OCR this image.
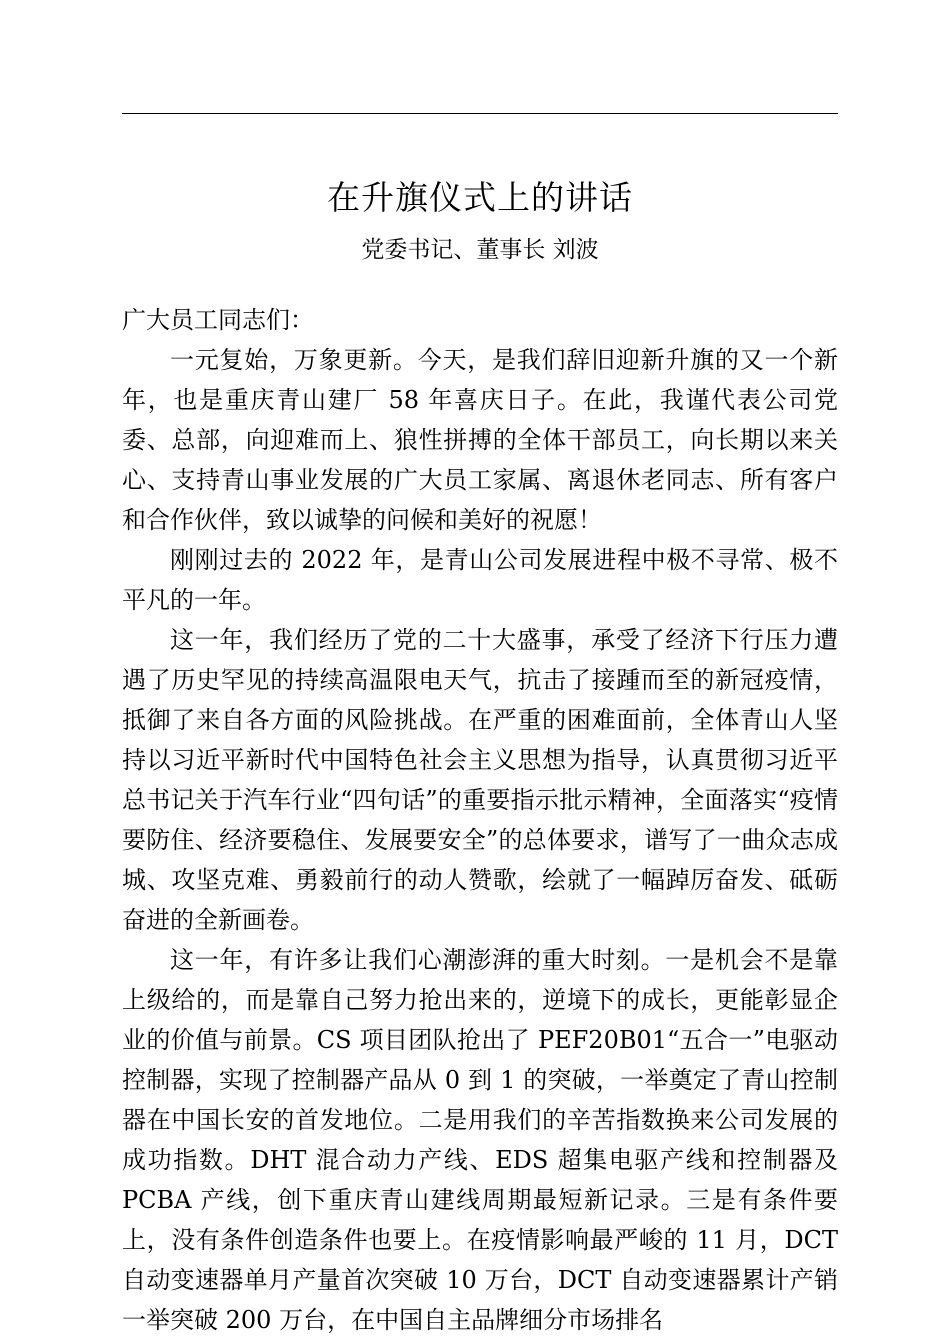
在升旗仪式上的讲话
党委书记、董事长 刘波

广大员工同志们：

一元复始，万象更新。今天，是我们辞旧迎新升旗的又一个新年，也是重庆青山建厂 58 年喜庆日子。在此，我谨代表公司党委、总部，向迎难而上、狼性拼搏的全体干部员工，向长期以来关心、支持青山事业发展的广大员工家属、离退休老同志、所有客户和合作伙伴，致以诚挚的问候和美好的祝愿！

刚刚过去的 2022 年，是青山公司发展进程中极不寻常、极不平凡的一年。

这一年，我们经历了党的二十大盛事，承受了经济下行压力遭遇了历史罕见的持续高温限电天气，抗击了接踵而至的新冠疫情，抵御了来自各方面的风险挑战。在严重的困难面前，全体青山人坚持以习近平新时代中国特色社会主义思想为指导，认真贯彻习近平总书记关于汽车行业“四句话”的重要指示批示精神，全面落实“疫情要防住、经济要稳住、发展要安全”的总体要求，谱写了一曲众志成城、攻坚克难、勇毅前行的动人赞歌，绘就了一幅踔厉奋发、砥砺奋进的全新画卷。

这一年，有许多让我们心潮澎湃的重大时刻。一是机会不是靠上级给的，而是靠自己努力抢出来的，逆境下的成长，更能彰显企业的价值与前景。CS 项目团队抢出了 PEF20B01“五合一”电驱动控制器，实现了控制器产品从 0 到 1 的突破，一举奠定了青山控制器在中国长安的首发地位。二是用我们的辛苦指数换来公司发展的成功指数。DHT 混合动力产线、EDS 超集电驱产线和控制器及 PCBA 产线，创下重庆青山建线周期最短新记录。三是有条件要上，没有条件创造条件也要上。在疫情影响最严峻的 11 月，DCT 自动变速器单月产量首次突破 10 万台，DCT 自动变速器累计产销一举突破 200 万台，在中国自主品牌细分市场排名
